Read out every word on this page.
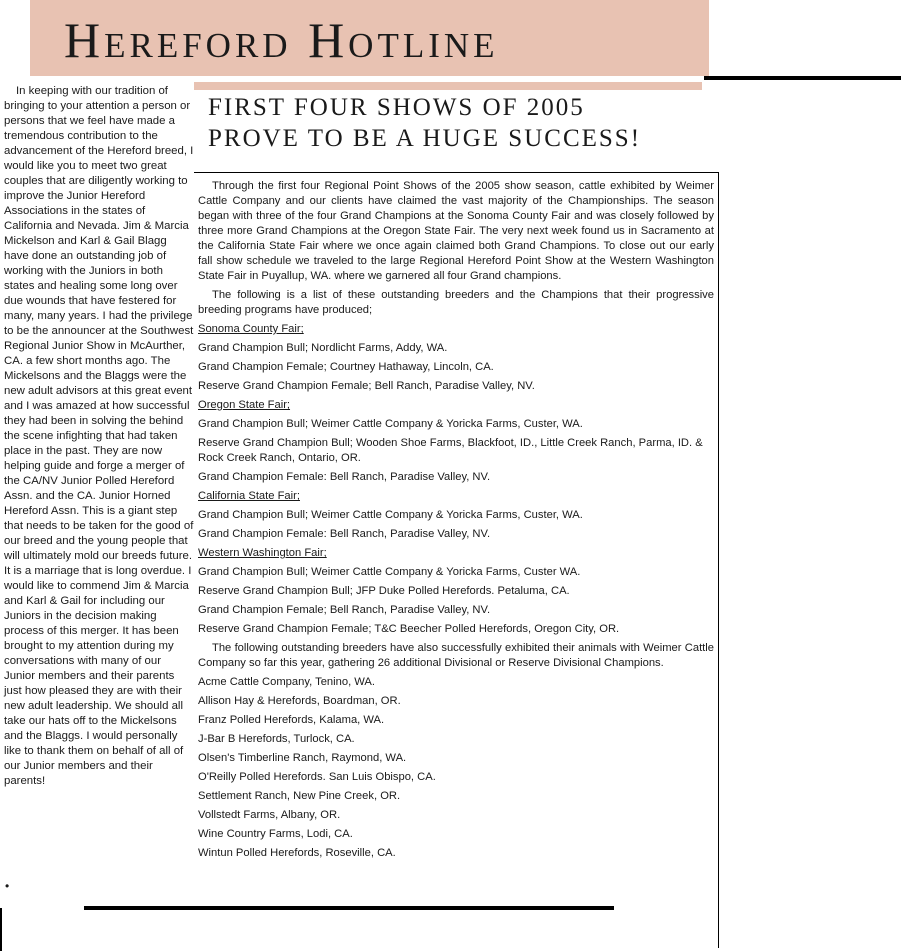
Hereford Hotline
FIRST FOUR SHOWS OF 2005
PROVE TO BE A HUGE SUCCESS!

In keeping with our tradition of bringing to your attention a person or persons that we feel have made a tremendous contribution to the advancement of the Hereford breed, I would like you to meet two great couples that are diligently working to improve the Junior Hereford Associations in the states of California and Nevada. Jim & Marcia Mickelson and Karl & Gail Blagg have done an outstanding job of working with the Juniors in both states and healing some long over due wounds that have festered for many, many years. I had the privilege to be the announcer at the Southwest Regional Junior Show in McAurther, CA. a few short months ago. The Mickelsons and the Blaggs were the new adult advisors at this great event and I was amazed at how successful they had been in solving the behind the scene infighting that had taken place in the past. They are now helping guide and forge a merger of the CA/NV Junior Polled Hereford Assn. and the CA. Junior Horned Hereford Assn. This is a giant step that needs to be taken for the good of our breed and the young people that will ultimately mold our breeds future. It is a marriage that is long overdue. I would like to commend Jim & Marcia and Karl & Gail for including our Juniors in the decision making process of this merger. It has been brought to my attention during my conversations with many of our Junior members and their parents just how pleased they are with their new adult leadership. We should all take our hats off to the Mickelsons and the Blaggs. I would personally like to thank them on behalf of all of our Junior members and their parents!

Through the first four Regional Point Shows of the 2005 show season, cattle exhibited by Weimer Cattle Company and our clients have claimed the vast majority of the Championships. The season began with three of the four Grand Champions at the Sonoma County Fair and was closely followed by three more Grand Champions at the Oregon State Fair. The very next week found us in Sacramento at the California State Fair where we once again claimed both Grand Champions. To close out our early fall show schedule we traveled to the large Regional Hereford Point Show at the Western Washington State Fair in Puyallup, WA. where we garnered all four Grand champions.

The following is a list of these outstanding breeders and the Champions that their progressive breeding programs have produced;

Sonoma County Fair;
Grand Champion Bull; Nordlicht Farms, Addy, WA.
Grand Champion Female; Courtney Hathaway, Lincoln, CA.
Reserve Grand Champion Female; Bell Ranch, Paradise Valley, NV.
Oregon State Fair;
Grand Champion Bull; Weimer Cattle Company & Yoricka Farms, Custer, WA.
Reserve Grand Champion Bull; Wooden Shoe Farms, Blackfoot, ID., Little Creek Ranch, Parma, ID. & Rock Creek Ranch, Ontario, OR.
Grand Champion Female: Bell Ranch, Paradise Valley, NV.
California State Fair;
Grand Champion Bull; Weimer Cattle Company & Yoricka Farms, Custer, WA.
Grand Champion Female: Bell Ranch, Paradise Valley, NV.
Western Washington Fair;
Grand Champion Bull; Weimer Cattle Company & Yoricka Farms, Custer WA.
Reserve Grand Champion Bull; JFP Duke Polled Herefords. Petaluma, CA.
Grand Champion Female; Bell Ranch, Paradise Valley, NV.
Reserve Grand Champion Female; T&C Beecher Polled Herefords, Oregon City, OR.

The following outstanding breeders have also successfully exhibited their animals with Weimer Cattle Company so far this year, gathering 26 additional Divisional or Reserve Divisional Champions.

Acme Cattle Company, Tenino, WA.
Allison Hay & Herefords, Boardman, OR.
Franz Polled Herefords, Kalama, WA.
J-Bar B Herefords, Turlock, CA.
Olsen's Timberline Ranch, Raymond, WA.
O'Reilly Polled Herefords. San Luis Obispo, CA.
Settlement Ranch, New Pine Creek, OR.
Vollstedt Farms, Albany, OR.
Wine Country Farms, Lodi, CA.
Wintun Polled Herefords, Roseville, CA.
•
